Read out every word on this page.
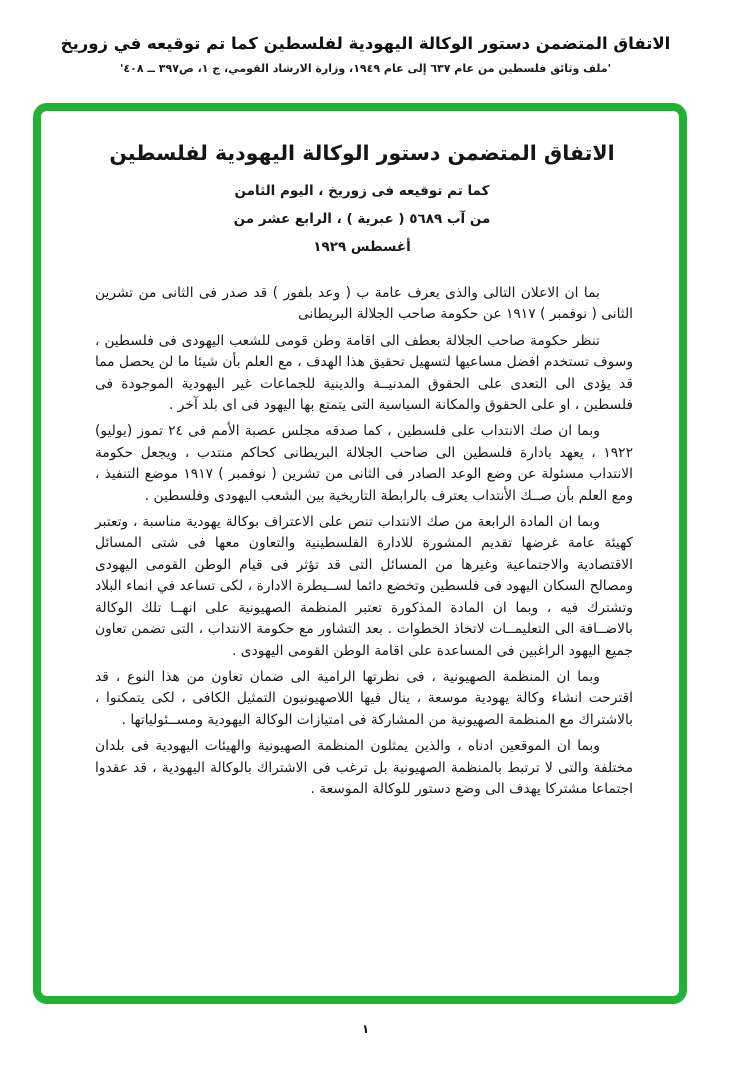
الاتفاق المتضمن دستور الوكالة اليهودية لفلسطين كما تم توقيعه في زوريخ
'ملف وثائق فلسطين من عام ٦٣٧ إلى عام ١٩٤٩، وزارة الارشاد القومي، ج ١، ص٣٩٧ ــ ٤٠٨'
الاتفاق المتضمن دستور الوكالة اليهودية لفلسطين
كما تم توقيعه فى زوريخ ، اليوم الثامن
من آب ٥٦٨٩ ( عبرية ) ، الرابع عشر من
أغسطس ١٩٢٩

بما ان الاعلان التالى والذى يعرف عامة ب ( وعد بلفور ) قد صدر فى الثانى من تشرين الثانى ( نوفمبر ) ١٩١٧ عن حكومة صاحب الجلالة البريطانى

تنظر حكومة صاحب الجلالة بعطف الى اقامة وطن قومى للشعب اليهودى فى فلسطين ، وسوف تستخدم افضل مساعيها لتسهيل تحقيق هذا الهدف ، مع العلم بأن شيئا ما لن يحصل مما قد يؤدى الى التعدى على الحقوق المدنيــة والدينية للجماعات غير اليهودية الموجودة فى فلسطين ، او على الحقوق والمكانة السياسية التى يتمتع بها اليهود فى اى بلد آخر .

وبما ان صك الانتداب على فلسطين ، كما صدقه مجلس عصبة الأمم فى ٢٤ تموز (يوليو) ١٩٢٢ ، يعهد بادارة فلسطين الى صاحب الجلالة البريطانى كحاكم منتدب ، ويجعل حكومة الانتداب مسئولة عن وضع الوعد الصادر فى الثانى من تشرين ( نوفمبر ) ١٩١٧ موضع التنفيذ ، ومع العلم بأن صــك الأنتداب يعترف بالرابطة التاريخية بين الشعب اليهودى وفلسطين .

وبما ان المادة الرابعة من صك الانتداب تنص على الاعتراف بوكالة يهودية مناسبة ، وتعتبر كهيئة عامة غرضها تقديم المشورة للادارة الفلسطينية والتعاون معها فى شتى المسائل الاقتصادية والاجتماعية وغيرها من المسائل التى قد تؤثر فى قيام الوطن القومى اليهودى ومصالح السكان اليهود فى فلسطين وتخضع دائما لســيطرة الادارة ، لكى تساعد في انماء البلاد وتشترك فيه ، وبما ان المادة المذكورة تعتبر المنظمة الصهيونية على انهــا تلك الوكالة بالاضــافة الى التعليمــات لاتخاذ الخطوات . بعد التشاور مع حكومة الانتداب ، التى تضمن تعاون جميع اليهود الراغبين فى المساعدة على اقامة الوطن القومى اليهودى .

وبما ان المنظمة الصهيونية ، فى نظرتها الرامية الى ضمان تعاون من هذا النوع ، قد اقترحت انشاء وكالة يهودية موسعة ، ينال فيها اللاصهيونيون التمثيل الكافى ، لكى يتمكنوا ، بالاشتراك مع المنظمة الصهيونية من المشاركة فى امتيازات الوكالة اليهودية ومســئولياتها .

وبما ان الموقعين ادناه ، والذين يمثلون المنظمة الصهيونية والهيئات اليهودية فى بلدان مختلفة والتى لا ترتبط بالمنظمة الصهيونية بل ترغب فى الاشتراك بالوكالة اليهودية ، قد عقدوا اجتماعا مشتركا يهدف الى وضع دستور للوكالة الموسعة .

١
